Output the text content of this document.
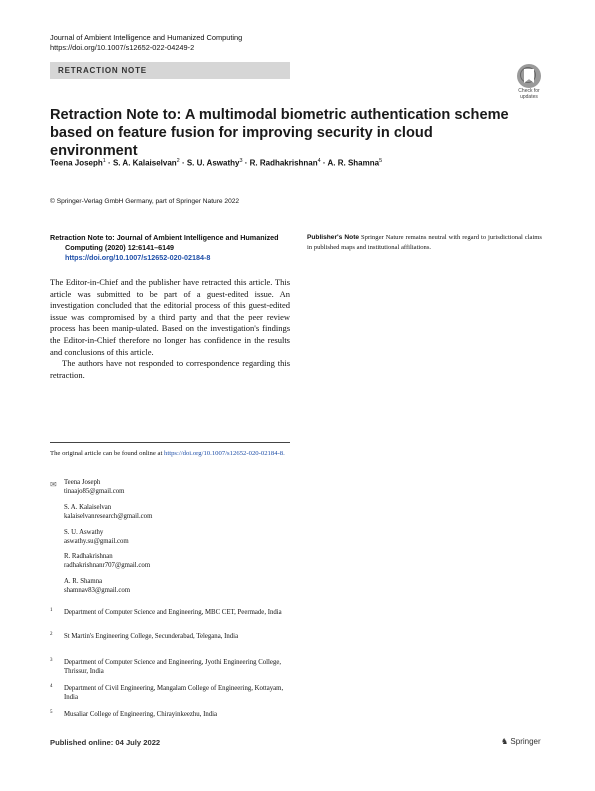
Journal of Ambient Intelligence and Humanized Computing
https://doi.org/10.1007/s12652-022-04249-2
RETRACTION NOTE
Check for
updates
Retraction Note to: A multimodal biometric authentication scheme based on feature fusion for improving security in cloud environment
Teena Joseph$^1$ · S. A. Kalaiselvan$^2$ · S. U. Aswathy$^3$ · R. Radhakrishnan$^4$ · A. R. Shamna$^5$
© Springer-Verlag GmbH Germany, part of Springer Nature 2022
Retraction Note to: Journal of Ambient Intelligence and Humanized Computing (2020) 12:6141–6149
https://doi.org/10.1007/s12652-020-02184-8
Publisher's Note Springer Nature remains neutral with regard to jurisdictional claims in published maps and institutional affiliations.

The Editor-in-Chief and the publisher have retracted this article. This article was submitted to be part of a guest-edited issue. An investigation concluded that the editorial process of this guest-edited issue was compromised by a third party and that the peer review process has been manip-ulated. Based on the investigation's findings the Editor-in-Chief therefore no longer has confidence in the results and conclusions of this article.

The authors have not responded to correspondence regarding this retraction.

The original article can be found online at https://doi.org/10.1007/s12652-020-02184-8.
✉ Teena Joseph
tinaajo85@gmail.com
S. A. Kalaiselvan
kalaiselvanresearch@gmail.com
S. U. Aswathy
aswathy.su@gmail.com
R. Radhakrishnan
radhakrishnanr707@gmail.com
A. R. Shamna
shamnav83@gmail.com
1 Department of Computer Science and Engineering, MBC CET, Peermade, India
2 St Martin's Engineering College, Secunderabad, Telegana, India
3 Department of Computer Science and Engineering, Jyothi Engineering College, Thrissur, India
4 Department of Civil Engineering, Mangalam College of Engineering, Kottayam, India
5 Musaliar College of Engineering, Chirayinkeezhu, India
Published online: 04 July 2022	♞ Springer
